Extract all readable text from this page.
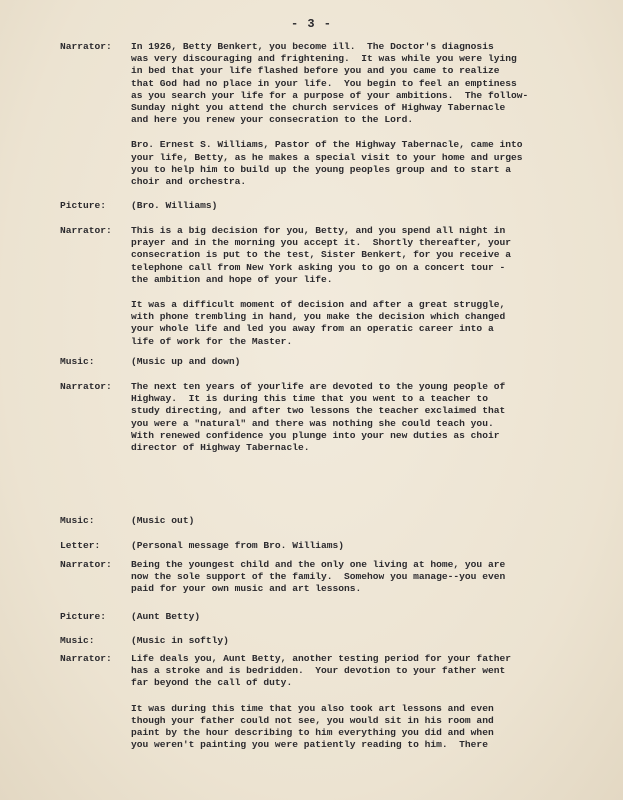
- 3 -
Narrator:	In 1926, Betty Benkert, you become ill.  The Doctor's diagnosis
was very discouraging and frightening.  It was while you were lying
in bed that your life flashed before you and you came to realize
that God had no place in your life.  You begin to feel an emptiness
as you search your life for a purpose of your ambitions.  The follow-
Sunday night you attend the church services of Highway Tabernacle
and here you renew your consecration to the Lord.
Bro. Ernest S. Williams, Pastor of the Highway Tabernacle, came into
your life, Betty, as he makes a special visit to your home and urges
you to help him to build up the young peoples group and to start a
choir and orchestra.
Picture:	(Bro. Williams)
Narrator:	This is a big decision for you, Betty, and you spend all night in
prayer and in the morning you accept it.  Shortly thereafter, your
consecration is put to the test, Sister Benkert, for you receive a
telephone call from New York asking you to go on a concert tour -
the ambition and hope of your life.
It was a difficult moment of decision and after a great struggle,
with phone trembling in hand, you make the decision which changed
your whole life and led you away from an operatic career into a
life of work for the Master.
Music:	(Music up and down)
Narrator:	The next ten years of yourlife are devoted to the young people of
Highway.  It is during this time that you went to a teacher to
study directing, and after two lessons the teacher exclaimed that
you were a "natural" and there was nothing she could teach you.
With renewed confidence you plunge into your new duties as choir
director of Highway Tabernacle.
Music:	(Music out)
Letter:	(Personal message from Bro. Williams)
Narrator:	Being the youngest child and the only one living at home, you are
now the sole support of the family.  Somehow you manage--you even
paid for your own music and art lessons.
Picture:	(Aunt Betty)
Music:	(Music in softly)
Narrator:	Life deals you, Aunt Betty, another testing period for your father
has a stroke and is bedridden.  Your devotion to your father went
far beyond the call of duty.
It was during this time that you also took art lessons and even
though your father could not see, you would sit in his room and
paint by the hour describing to him everything you did and when
you weren't painting you were patiently reading to him.  There
